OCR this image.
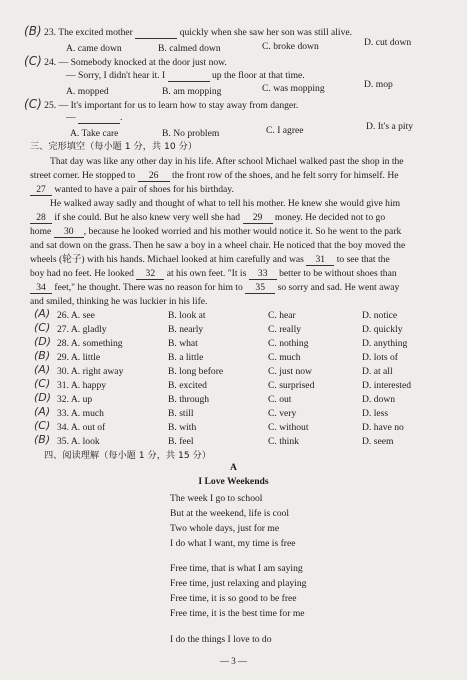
(B) 23. The excited mother	quickly when she saw her son was still alive.
A. came down	B. calmed down	C. broke down	D. cut down
(C) 24. — Somebody knocked at the door just now.
— Sorry, I didn't hear it. I	up the floor at that time.
A. mopped	B. am mopping	C. was mopping	D. mop
(C) 25. — It's important for us to learn how to stay away from danger.
—	.
A. Take care	B. No problem	C. I agree	D. It's a pity
三、完形填空（每小题 1 分，共 10 分）
That day was like any other day in his life. After school Michael walked past the shop in the
street corner. He stopped to 26 the front row of the shoes, and he felt sorry for himself. He
27 wanted to have a pair of shoes for his birthday.
He walked away sadly and thought of what to tell his mother. He knew she would give him
28 if she could. But he also knew very well she had 29 money. He decided not to go
home 30 , because he looked worried and his mother would notice it. So he went to the park
and sat down on the grass. Then he saw a boy in a wheel chair. He noticed that the boy moved the
wheels (轮子) with his hands. Michael looked at him carefully and was 31 to see that the
boy had no feet. He looked 32 at his own feet. "It is 33 better to be without shoes than
34 feet," he thought. There was no reason for him to 35 so sorry and sad. He went away
and smiled, thinking he was luckier in his life.
(A) 26. A. see	B. look at	C. hear	D. notice
(C) 27. A. gladly	B. nearly	C. really	D. quickly
(D) 28. A. something	B. what	C. nothing	D. anything
(B) 29. A. little	B. a little	C. much	D. lots of
(A) 30. A. right away	B. long before	C. just now	D. at all
(C) 31. A. happy	B. excited	C. surprised	D. interested
(D) 32. A. up	B. through	C. out	D. down
(A) 33. A. much	B. still	C. very	D. less
(C) 34. A. out of	B. with	C. without	D. have no
(B) 35. A. look	B. feel	C. think	D. seem
四、阅读理解（每小题 1 分，共 15 分）
A
I Love Weekends
The week I go to school
But at the weekend, life is cool
Two whole days, just for me
I do what I want, my time is free
Free time, that is what I am saying
Free time, just relaxing and playing
Free time, it is so good to be free
Free time, it is the best time for me
I do the things I love to do
— 3 —
